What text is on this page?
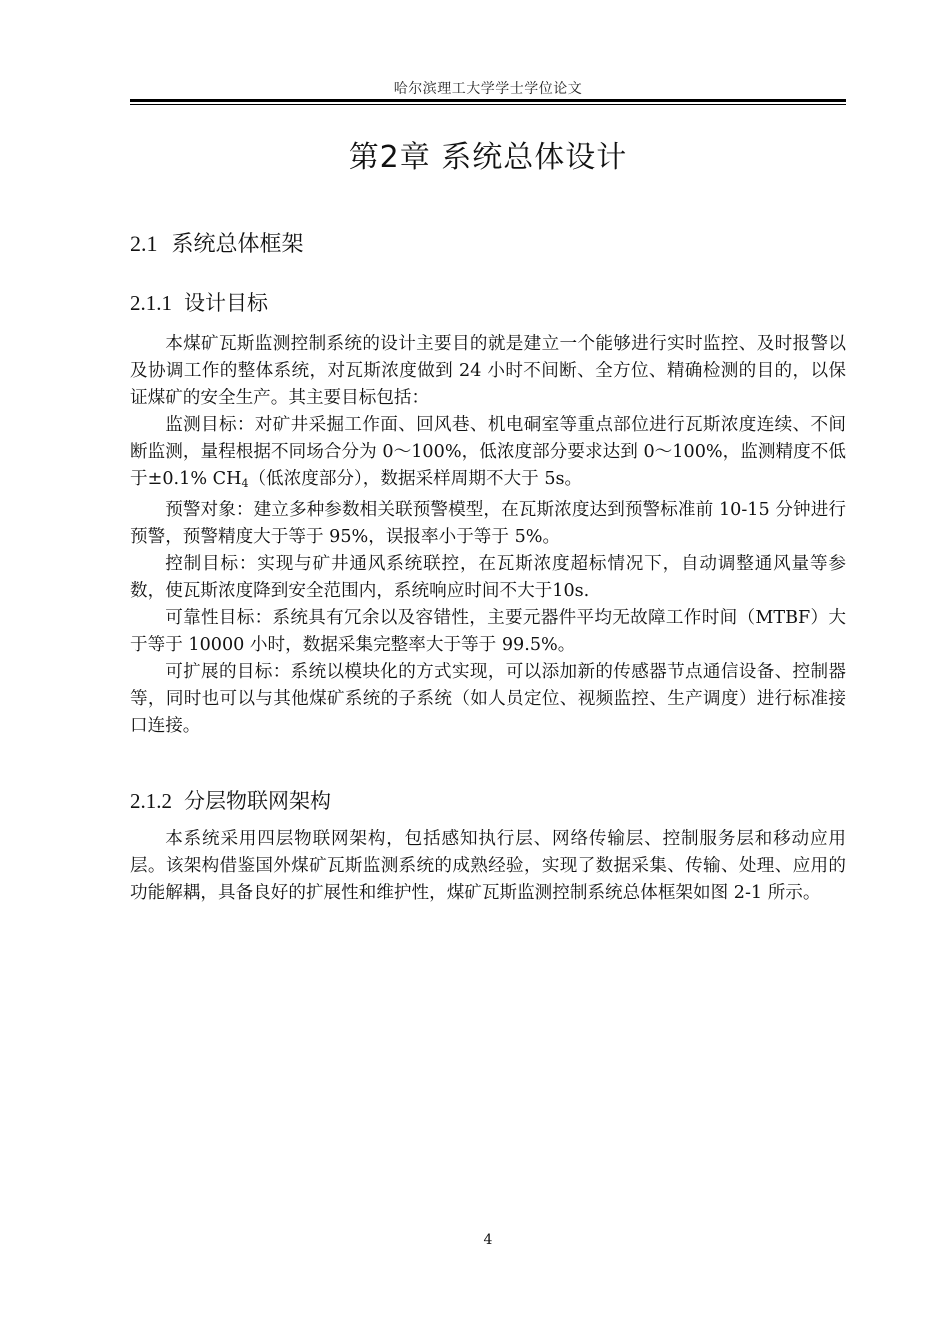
哈尔滨理工大学学士学位论文
第2章 系统总体设计
2.1 系统总体框架
2.1.1 设计目标

本煤矿瓦斯监测控制系统的设计主要目的就是建立一个能够进行实时监控、及时报警以及协调工作的整体系统，对瓦斯浓度做到 24 小时不间断、全方位、精确检测的目的，以保证煤矿的安全生产。其主要目标包括：

监测目标：对矿井采掘工作面、回风巷、机电硐室等重点部位进行瓦斯浓度连续、不间断监测，量程根据不同场合分为 0～100%，低浓度部分要求达到 0～100%，监测精度不低于±0.1% $CH_4$（低浓度部分），数据采样周期不大于 5s。

预警对象：建立多种参数相关联预警模型，在瓦斯浓度达到预警标准前 10-15 分钟进行预警，预警精度大于等于 95%，误报率小于等于 5%。

控制目标：实现与矿井通风系统联控，在瓦斯浓度超标情况下，自动调整通风量等参数，使瓦斯浓度降到安全范围内，系统响应时间不大于10s.

可靠性目标：系统具有冗余以及容错性，主要元器件平均无故障工作时间（MTBF）大于等于 10000 小时，数据采集完整率大于等于 99.5%。

可扩展的目标：系统以模块化的方式实现，可以添加新的传感器节点通信设备、控制器等，同时也可以与其他煤矿系统的子系统（如人员定位、视频监控、生产调度）进行标准接口连接。

2.1.2 分层物联网架构

本系统采用四层物联网架构，包括感知执行层、网络传输层、控制服务层和移动应用层。该架构借鉴国外煤矿瓦斯监测系统的成熟经验，实现了数据采集、传输、处理、应用的功能解耦，具备良好的扩展性和维护性，煤矿瓦斯监测控制系统总体框架如图 2-1 所示。

4
